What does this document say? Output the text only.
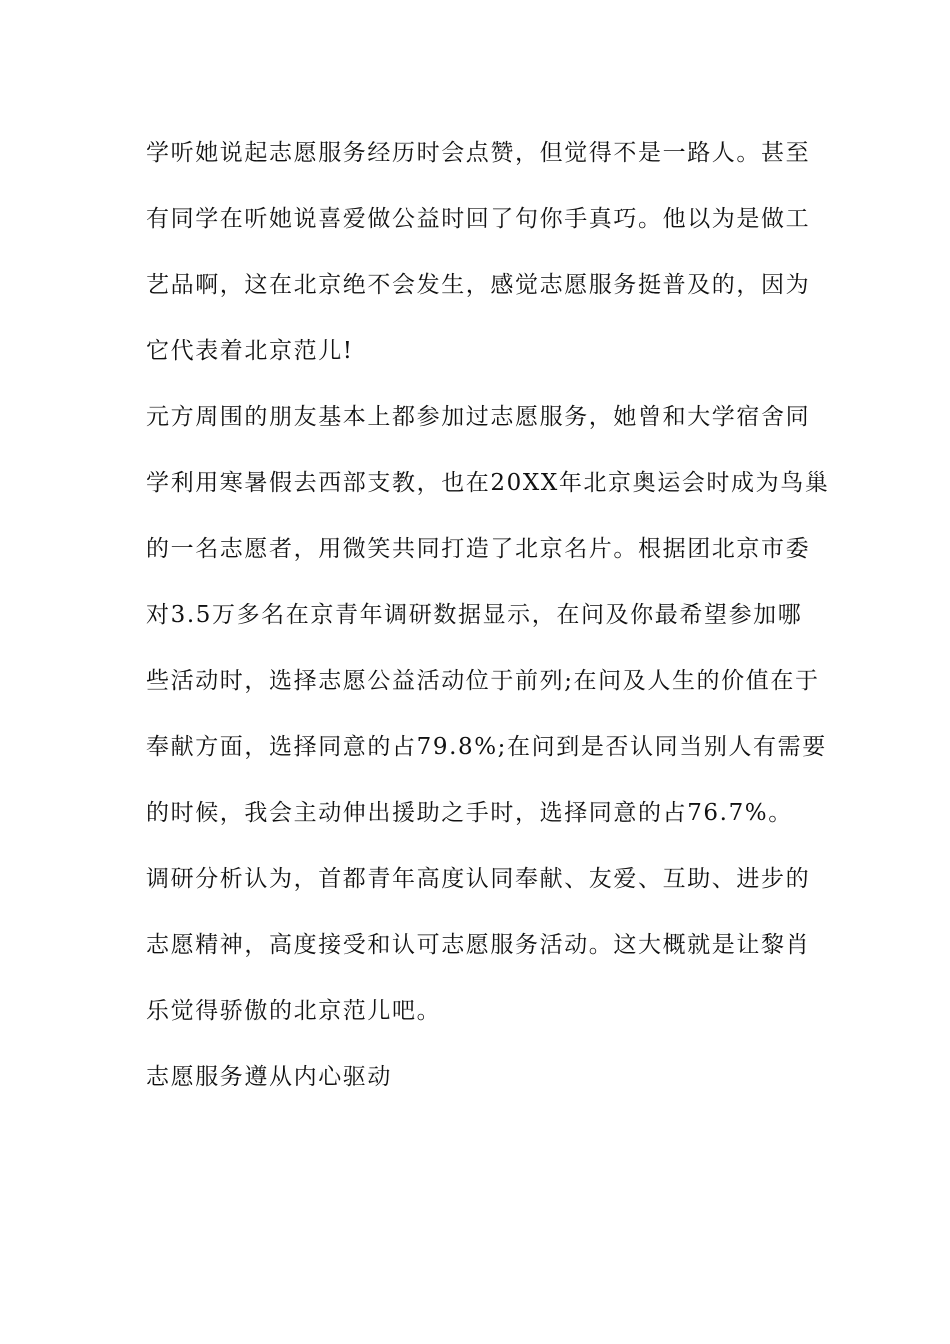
学听她说起志愿服务经历时会点赞，但觉得不是一路人。甚至
有同学在听她说喜爱做公益时回了句你手真巧。他以为是做工
艺品啊，这在北京绝不会发生，感觉志愿服务挺普及的，因为
它代表着北京范儿!
元方周围的朋友基本上都参加过志愿服务，她曾和大学宿舍同
学利用寒暑假去西部支教，也在20XX年北京奥运会时成为鸟巢
的一名志愿者，用微笑共同打造了北京名片。根据团北京市委
对3.5万多名在京青年调研数据显示，在问及你最希望参加哪
些活动时，选择志愿公益活动位于前列;在问及人生的价值在于
奉献方面，选择同意的占79.8%;在问到是否认同当别人有需要
的时候，我会主动伸出援助之手时，选择同意的占76.7%。
调研分析认为，首都青年高度认同奉献、友爱、互助、进步的
志愿精神，高度接受和认可志愿服务活动。这大概就是让黎肖
乐觉得骄傲的北京范儿吧。
志愿服务遵从内心驱动
